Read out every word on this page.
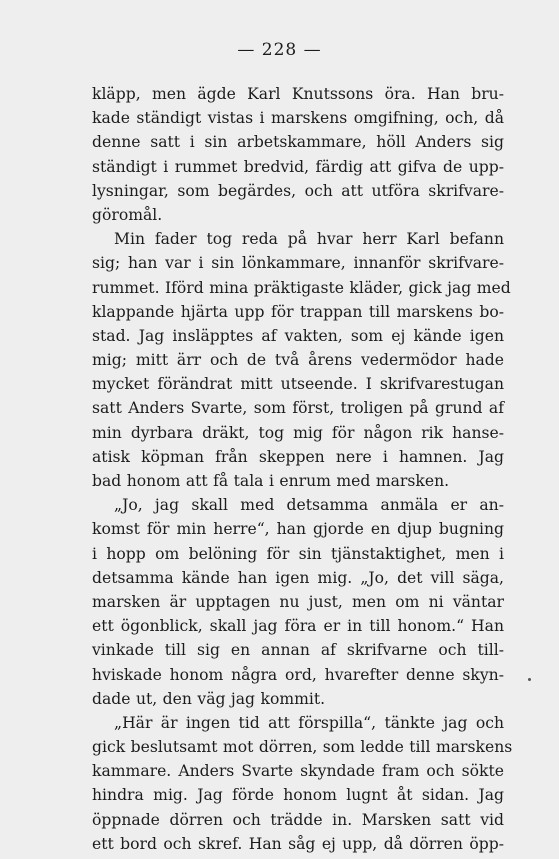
— 228 —
kläpp, men ägde Karl Knutssons öra. Han bru-
kade ständigt vistas i marskens omgifning, och, då
denne satt i sin arbetskammare, höll Anders sig
ständigt i rummet bredvid, färdig att gifva de upp-
lysningar, som begärdes, och att utföra skrifvare-
göromål.
Min fader tog reda på hvar herr Karl befann
sig; han var i sin lönkammare, innanför skrifvare-
rummet. Iförd mina präktigaste kläder, gick jag med
klappande hjärta upp för trappan till marskens bo-
stad. Jag insläpptes af vakten, som ej kände igen
mig; mitt ärr och de två årens vedermödor hade
mycket förändrat mitt utseende. I skrifvarestugan
satt Anders Svarte, som först, troligen på grund af
min dyrbara dräkt, tog mig för någon rik hanse-
atisk köpman från skeppen nere i hamnen. Jag
bad honom att få tala i enrum med marsken.
„Jo, jag skall med detsamma anmäla er an-
komst för min herre“, han gjorde en djup bugning
i hopp om belöning för sin tjänstaktighet, men i
detsamma kände han igen mig. „Jo, det vill säga,
marsken är upptagen nu just, men om ni väntar
ett ögonblick, skall jag föra er in till honom.“ Han
vinkade till sig en annan af skrifvarne och till-
hviskade honom några ord, hvarefter denne skyn-
dade ut, den väg jag kommit.
„Här är ingen tid att förspilla“, tänkte jag och
gick beslutsamt mot dörren, som ledde till marskens
kammare. Anders Svarte skyndade fram och sökte
hindra mig. Jag förde honom lugnt åt sidan. Jag
öppnade dörren och trädde in. Marsken satt vid
ett bord och skref. Han såg ej upp, då dörren öpp-
